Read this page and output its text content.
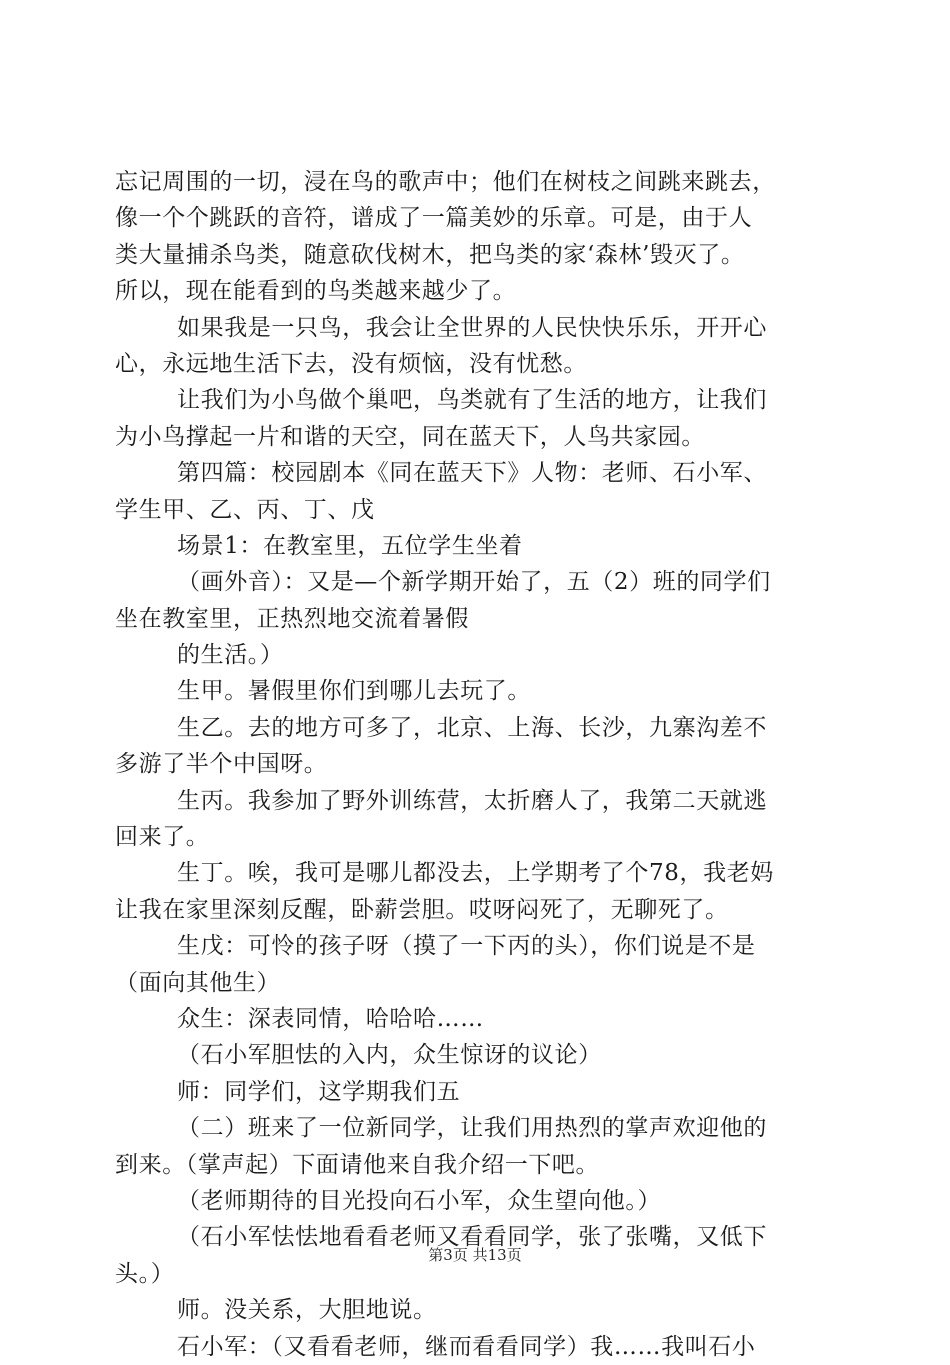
忘记周围的一切，浸在鸟的歌声中；他们在树枝之间跳来跳去，
像一个个跳跃的音符，谱成了一篇美妙的乐章。可是，由于人
类大量捕杀鸟类，随意砍伐树木，把鸟类的家‘森林’毁灭了。
所以，现在能看到的鸟类越来越少了。
如果我是一只鸟，我会让全世界的人民快快乐乐，开开心
心，永远地生活下去，没有烦恼，没有忧愁。
让我们为小鸟做个巢吧，鸟类就有了生活的地方，让我们
为小鸟撑起一片和谐的天空，同在蓝天下，人鸟共家园。
第四篇：校园剧本《同在蓝天下》人物：老师、石小军、
学生甲、乙、丙、丁、戊
场景1：在教室里，五位学生坐着
（画外音）：又是—个新学期开始了，五（2）班的同学们
坐在教室里，正热烈地交流着暑假
的生活。）
生甲。暑假里你们到哪儿去玩了。
生乙。去的地方可多了，北京、上海、长沙，九寨沟差不
多游了半个中国呀。
生丙。我参加了野外训练营，太折磨人了，我第二天就逃
回来了。
生丁。唉，我可是哪儿都没去，上学期考了个78，我老妈
让我在家里深刻反醒，卧薪尝胆。哎呀闷死了，无聊死了。
生戊：可怜的孩子呀（摸了一下丙的头），你们说是不是
（面向其他生）
众生：深表同情，哈哈哈……
（石小军胆怯的入内，众生惊讶的议论）
师：同学们，这学期我们五
（二）班来了一位新同学，让我们用热烈的掌声欢迎他的
到来。（掌声起）下面请他来自我介绍一下吧。
（老师期待的目光投向石小军，众生望向他。）
（石小军怯怯地看看老师又看看同学，张了张嘴，又低下
头。）
师。没关系，大胆地说。
石小军：（又看看老师，继而看看同学）我……我叫石小
第3页 共13页
